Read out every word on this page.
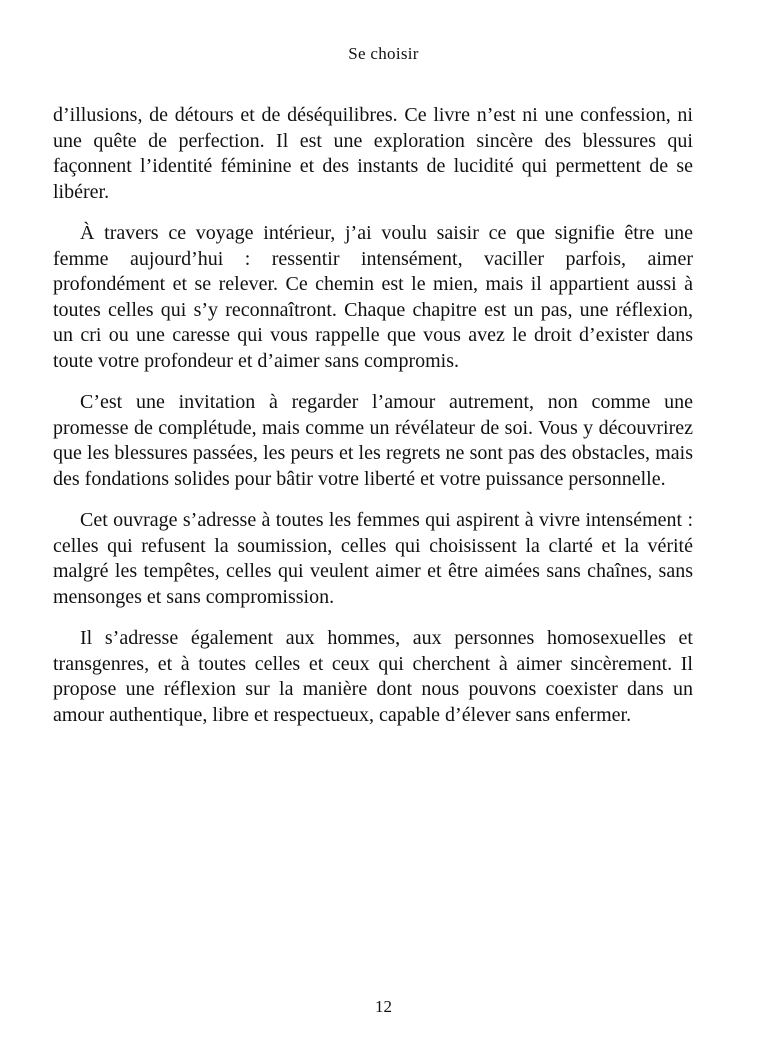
Se choisir

d’illusions, de détours et de déséquilibres. Ce livre n’est ni une confession, ni une quête de perfection. Il est une exploration sincère des blessures qui façonnent l’identité féminine et des instants de lucidité qui permettent de se libérer.

À travers ce voyage intérieur, j’ai voulu saisir ce que signifie être une femme aujourd’hui : ressentir intensément, vaciller parfois, aimer profondément et se relever. Ce chemin est le mien, mais il appartient aussi à toutes celles qui s’y reconnaîtront. Chaque chapitre est un pas, une réflexion, un cri ou une caresse qui vous rappelle que vous avez le droit d’exister dans toute votre profondeur et d’aimer sans compromis.

C’est une invitation à regarder l’amour autrement, non comme une promesse de complétude, mais comme un révélateur de soi. Vous y découvrirez que les blessures passées, les peurs et les regrets ne sont pas des obstacles, mais des fondations solides pour bâtir votre liberté et votre puissance personnelle.

Cet ouvrage s’adresse à toutes les femmes qui aspirent à vivre intensément : celles qui refusent la soumission, celles qui choisissent la clarté et la vérité malgré les tempêtes, celles qui veulent aimer et être aimées sans chaînes, sans mensonges et sans compromission.

Il s’adresse également aux hommes, aux personnes homosexuelles et transgenres, et à toutes celles et ceux qui cherchent à aimer sincèrement. Il propose une réflexion sur la manière dont nous pouvons coexister dans un amour authentique, libre et respectueux, capable d’élever sans enfermer.

12
